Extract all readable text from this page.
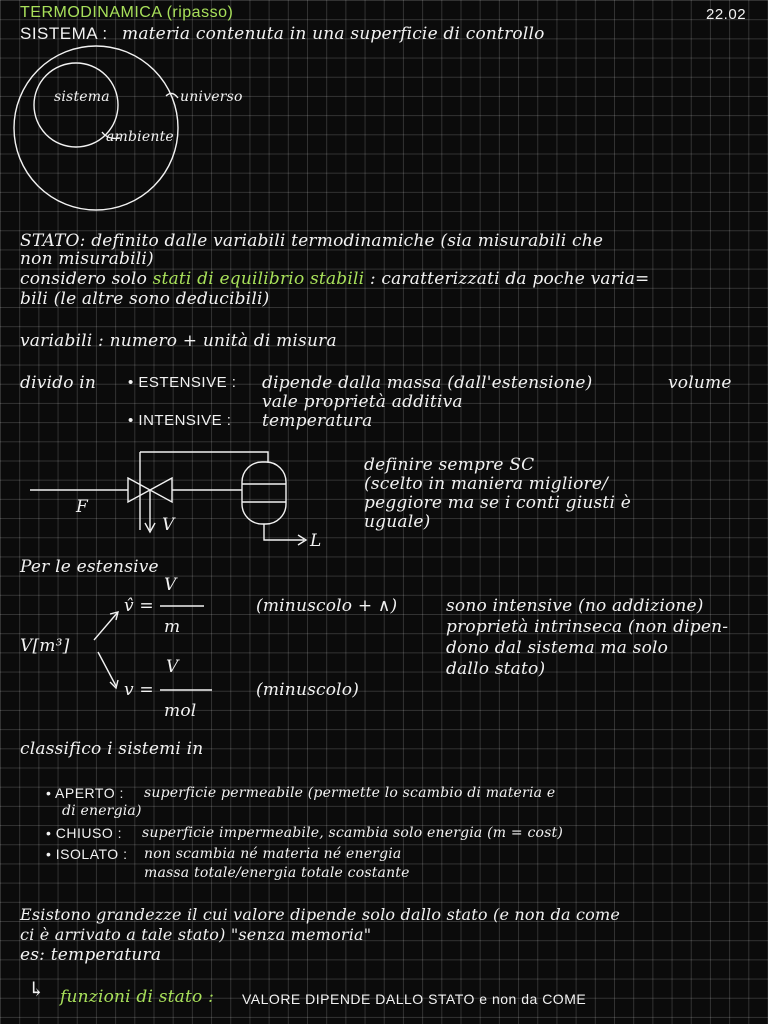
TERMODINAMICA (ripasso)	22.02
SISTEMA : materia contenuta in una superficie di controllo
sistema	universo
ambiente
STATO: definito dalle variabili termodinamiche (sia misurabili che
non misurabili)
considero solo stati di equilibrio stabili : caratterizzati da poche varia=
bili (le altre sono deducibili)
variabili : numero + unità di misura
divido in • ESTENSIVE : dipende dalla massa (dall'estensione)	volume
vale proprietà additiva
• INTENSIVE : temperatura
F
V
L
definire sempre SC
(scelto in maniera migliore/
peggiore ma se i conti giusti è
uguale)
Per le estensive
V[m³]
v̂ =
V
m
(minuscolo + ∧)
v =
V
mol
(minuscolo)
sono intensive (no addizione)
proprietà intrinseca (non dipen-
dono dal sistema ma solo
dallo stato)
classifico i sistemi in
• APERTO : superficie permeabile (permette lo scambio di materia e
di energia)
• CHIUSO : superficie impermeabile, scambia solo energia (m = cost)
• ISOLATO : non scambia né materia né energia
massa totale/energia totale costante
Esistono grandezze il cui valore dipende solo dallo stato (e non da come
ci è arrivato a tale stato) "senza memoria"
es: temperatura
↳ funzioni di stato : VALORE DIPENDE DALLO STATO e non da COME
